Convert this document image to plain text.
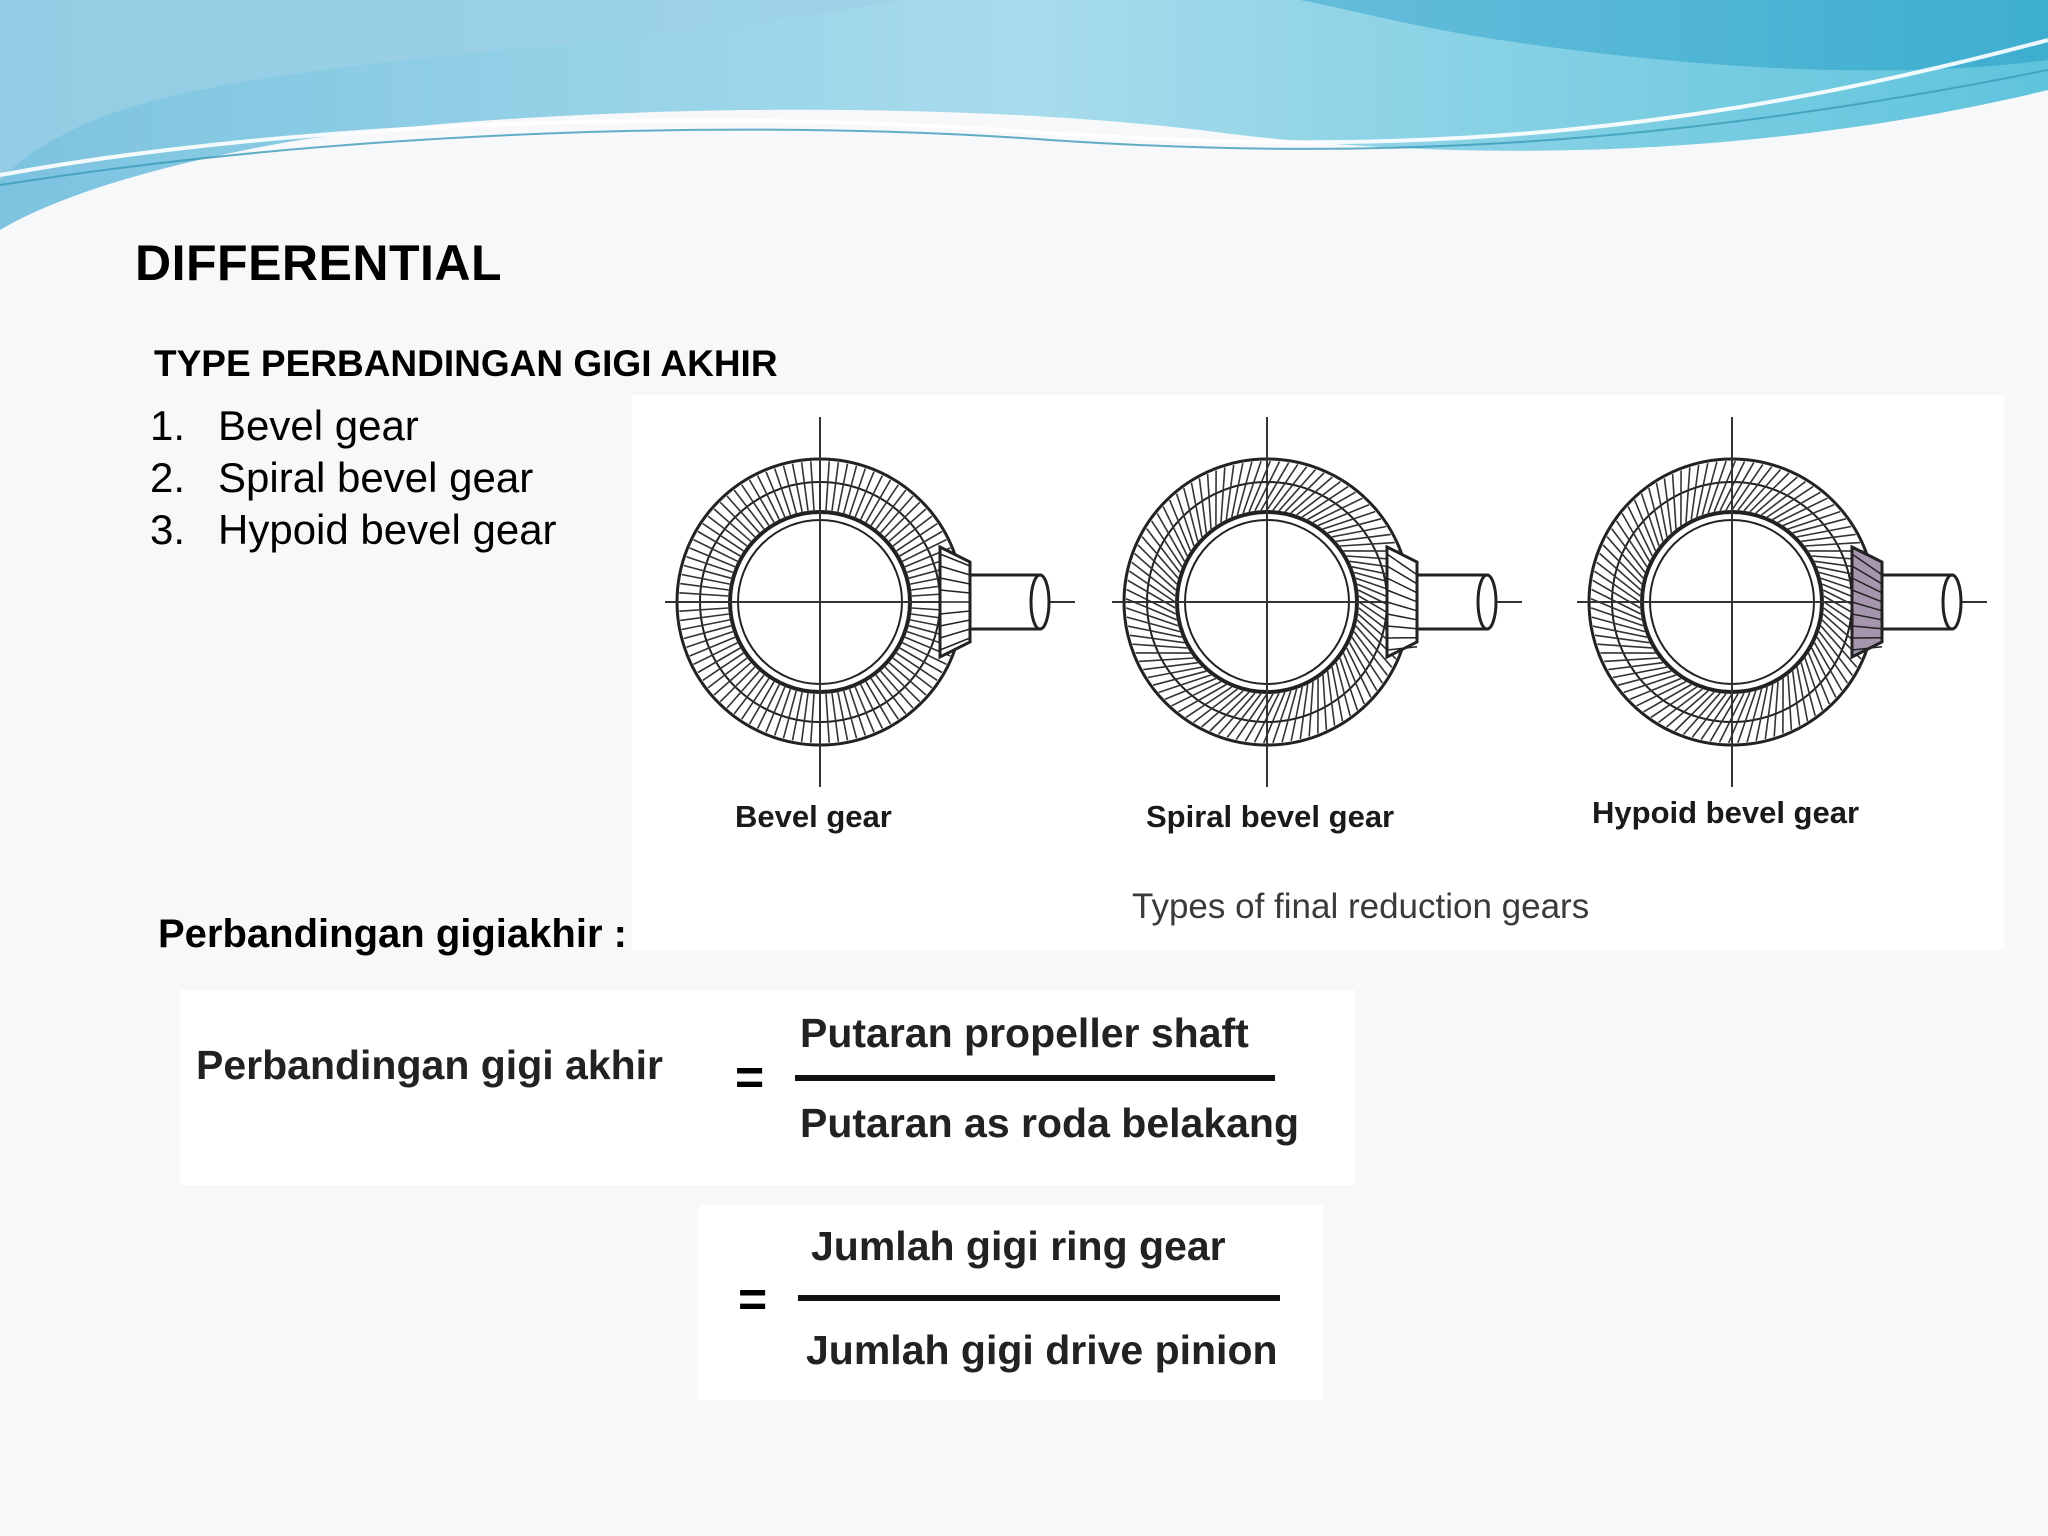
DIFFERENTIAL
TYPE PERBANDINGAN GIGI AKHIR
1. Bevel gear
2. Spiral bevel gear
3. Hypoid bevel gear
Bevel gear	Spiral bevel gear	Hypoid bevel gear
Types of final reduction gears
Perbandingan gigiakhir :
Perbandingan gigi akhir =
Putaran propeller shaft
Putaran as roda belakang
=
Jumlah gigi ring gear
Jumlah gigi drive pinion
